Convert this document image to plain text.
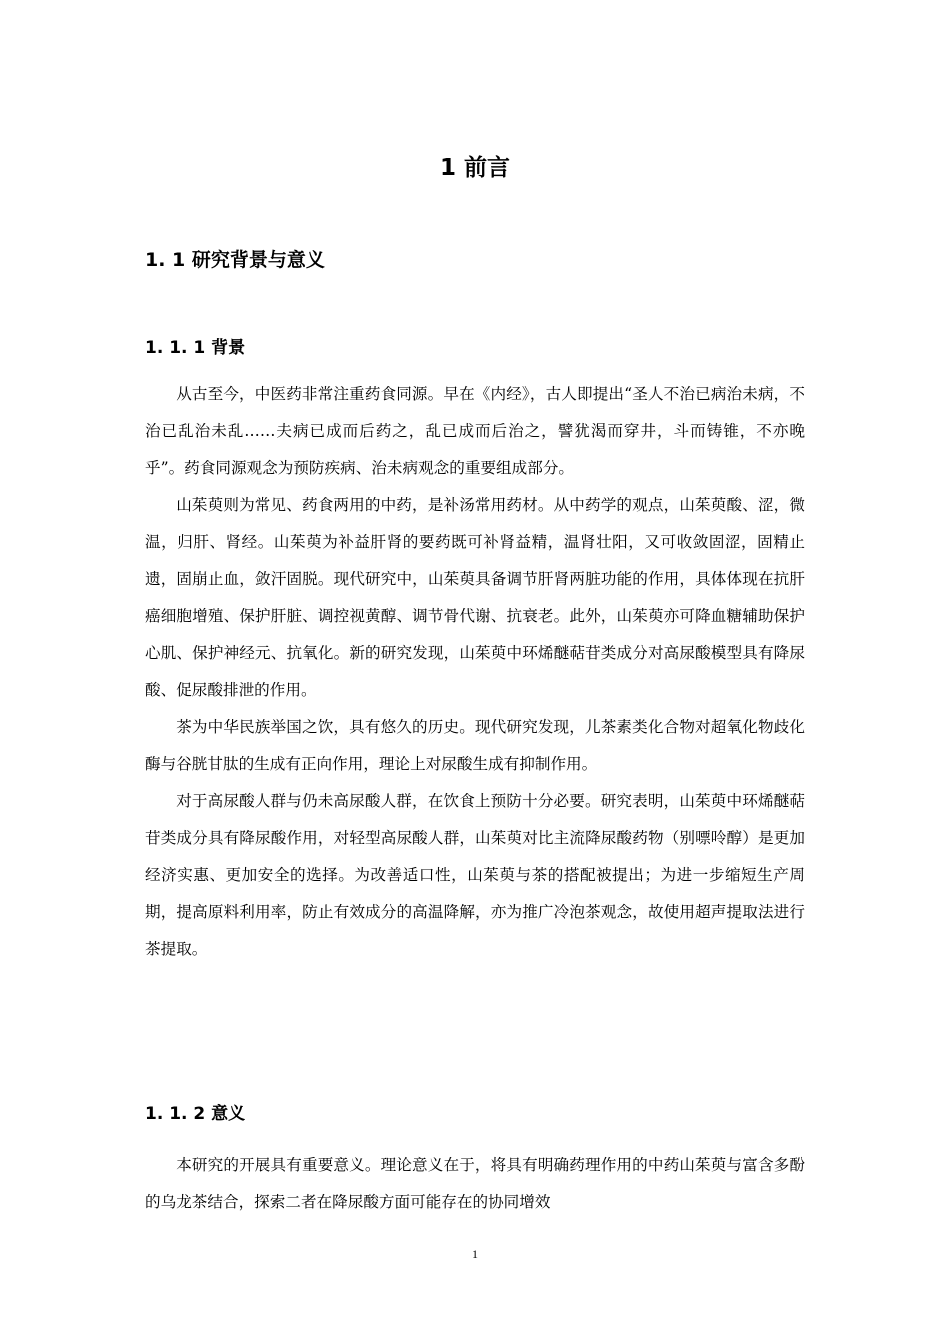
1 前言
1. 1 研究背景与意义
1. 1. 1 背景

从古至今，中医药非常注重药食同源。早在《内经》，古人即提出“圣人不治已病治未病，不治已乱治未乱……夫病已成而后药之，乱已成而后治之，譬犹渴而穿井，斗而铸锥，不亦晚乎”。药食同源观念为预防疾病、治未病观念的重要组成部分。

山茱萸则为常见、药食两用的中药，是补汤常用药材。从中药学的观点，山茱萸酸、涩，微温，归肝、肾经。山茱萸为补益肝肾的要药既可补肾益精，温肾壮阳，又可收敛固涩，固精止遗，固崩止血，敛汗固脱。现代研究中，山茱萸具备调节肝肾两脏功能的作用，具体体现在抗肝癌细胞增殖、保护肝脏、调控视黄醇、调节骨代谢、抗衰老。此外，山茱萸亦可降血糖辅助保护心肌、保护神经元、抗氧化。新的研究发现，山茱萸中环烯醚萜苷类成分对高尿酸模型具有降尿酸、促尿酸排泄的作用。

茶为中华民族举国之饮，具有悠久的历史。现代研究发现，儿茶素类化合物对超氧化物歧化酶与谷胱甘肽的生成有正向作用，理论上对尿酸生成有抑制作用。

对于高尿酸人群与仍未高尿酸人群，在饮食上预防十分必要。研究表明，山茱萸中环烯醚萜苷类成分具有降尿酸作用，对轻型高尿酸人群，山茱萸对比主流降尿酸药物（别嘌呤醇）是更加经济实惠、更加安全的选择。为改善适口性，山茱萸与茶的搭配被提出；为进一步缩短生产周期，提高原料利用率，防止有效成分的高温降解，亦为推广冷泡茶观念，故使用超声提取法进行茶提取。

1. 1. 2 意义

本研究的开展具有重要意义。理论意义在于，将具有明确药理作用的中药山茱萸与富含多酚的乌龙茶结合，探索二者在降尿酸方面可能存在的协同增效

1
